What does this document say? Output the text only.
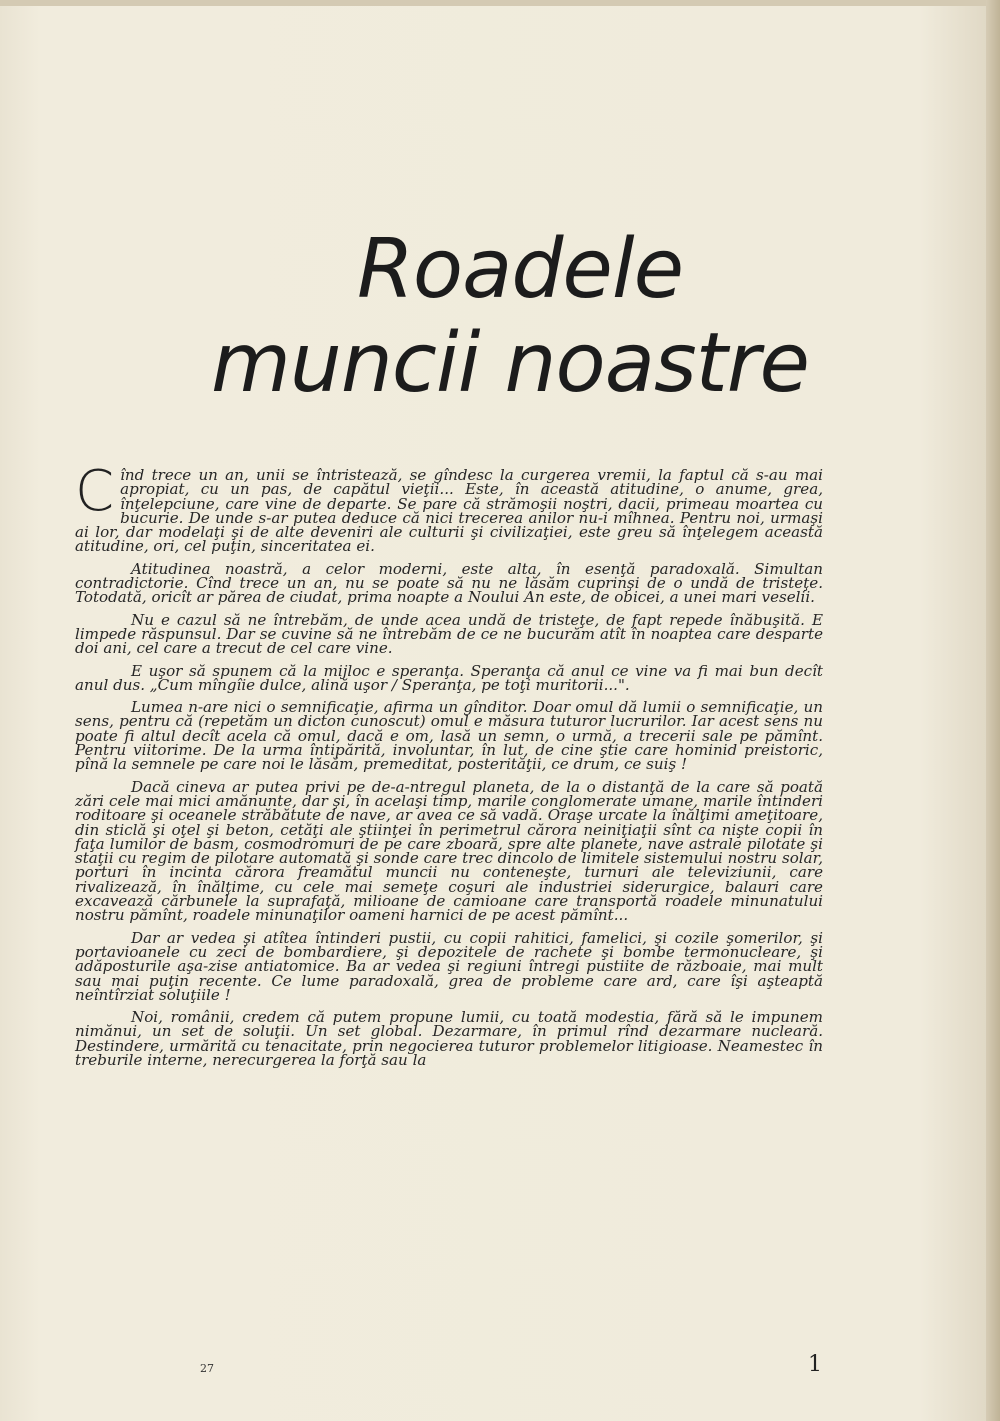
Roadele
muncii noastre

Cînd trece un an, unii se întristează, se gîndesc la curgerea vremii, la faptul că s-au mai apropiat, cu un pas, de capătul vieţii... Este, în această atitudine, o anume, grea, înţelepciune, care vine de departe. Se pare că strămoşii noştri, dacii, primeau moartea cu bucurie. De unde s-ar putea deduce că nici trecerea anilor nu-i mîhnea. Pentru noi, urmaşi ai lor, dar modelaţi şi de alte deveniri ale culturii şi civilizaţiei, este greu să înţelegem această atitudine, ori, cel puţin, sinceritatea ei.

Atitudinea noastră, a celor moderni, este alta, în esenţă paradoxală. Simultan contradictorie. Cînd trece un an, nu se poate să nu ne lăsăm cuprinşi de o undă de tristeţe. Totodată, oricît ar părea de ciudat, prima noapte a Noului An este, de obicei, a unei mari veselii.

Nu e cazul să ne întrebăm, de unde acea undă de tristeţe, de fapt repede înăbuşită. E limpede răspunsul. Dar se cuvine să ne întrebăm de ce ne bucurăm atît în noaptea care desparte doi ani, cel care a trecut de cel care vine.

E uşor să spunem că la mijloc e speranţa. Speranţa că anul ce vine va fi mai bun decît anul dus. „Cum mîngîie dulce, alină uşor / Speranţa, pe toţi muritorii...".

Lumea n-are nici o semnificaţie, afirma un gînditor. Doar omul dă lumii o semnificaţie, un sens, pentru că (repetăm un dicton cunoscut) omul e măsura tuturor lucrurilor. Iar acest sens nu poate fi altul decît acela că omul, dacă e om, lasă un semn, o urmă, a trecerii sale pe pămînt. Pentru viitorime. De la urma întipărită, involuntar, în lut, de cine ştie care hominid preistoric, pînă la semnele pe care noi le lăsăm, premeditat, posterităţii, ce drum, ce suiş !

Dacă cineva ar putea privi pe de-a-ntregul planeta, de la o distanţă de la care să poată zări cele mai mici amănunte, dar şi, în acelaşi timp, marile conglomerate umane, marile întinderi roditoare şi oceanele străbătute de nave, ar avea ce să vadă. Oraşe urcate la înălţimi ameţitoare, din sticlă şi oţel şi beton, cetăţi ale ştiinţei în perimetrul cărora neiniţiaţii sînt ca nişte copii în faţa lumilor de basm, cosmodromuri de pe care zboară, spre alte planete, nave astrale pilotate şi staţii cu regim de pilotare automată şi sonde care trec dincolo de limitele sistemului nostru solar, porturi în incinta cărora freamătul muncii nu conteneşte, turnuri ale televiziunii, care rivalizează, în înălţime, cu cele mai semeţe coşuri ale industriei siderurgice, balauri care excavează cărbunele la suprafaţă, milioane de camioane care transportă roadele minunatului nostru pămînt, roadele minunaţilor oameni harnici de pe acest pămînt...

Dar ar vedea şi atîtea întinderi pustii, cu copii rahitici, famelici, şi cozile şomerilor, şi portavioanele cu zeci de bombardiere, şi depozitele de rachete şi bombe termonucleare, şi adăposturile aşa-zise antiatomice. Ba ar vedea şi regiuni întregi pustiite de războaie, mai mult sau mai puţin recente. Ce lume paradoxală, grea de probleme care ard, care îşi aşteaptă neîntîrziat soluţiile !

Noi, românii, credem că putem propune lumii, cu toată modestia, fără să le impunem nimănui, un set de soluţii. Un set global. Dezarmare, în primul rînd dezarmare nucleară. Destindere, urmărită cu tenacitate, prin negocierea tuturor problemelor litigioase. Neamestec în treburile interne, nerecurgerea la forţă sau la

27	1
